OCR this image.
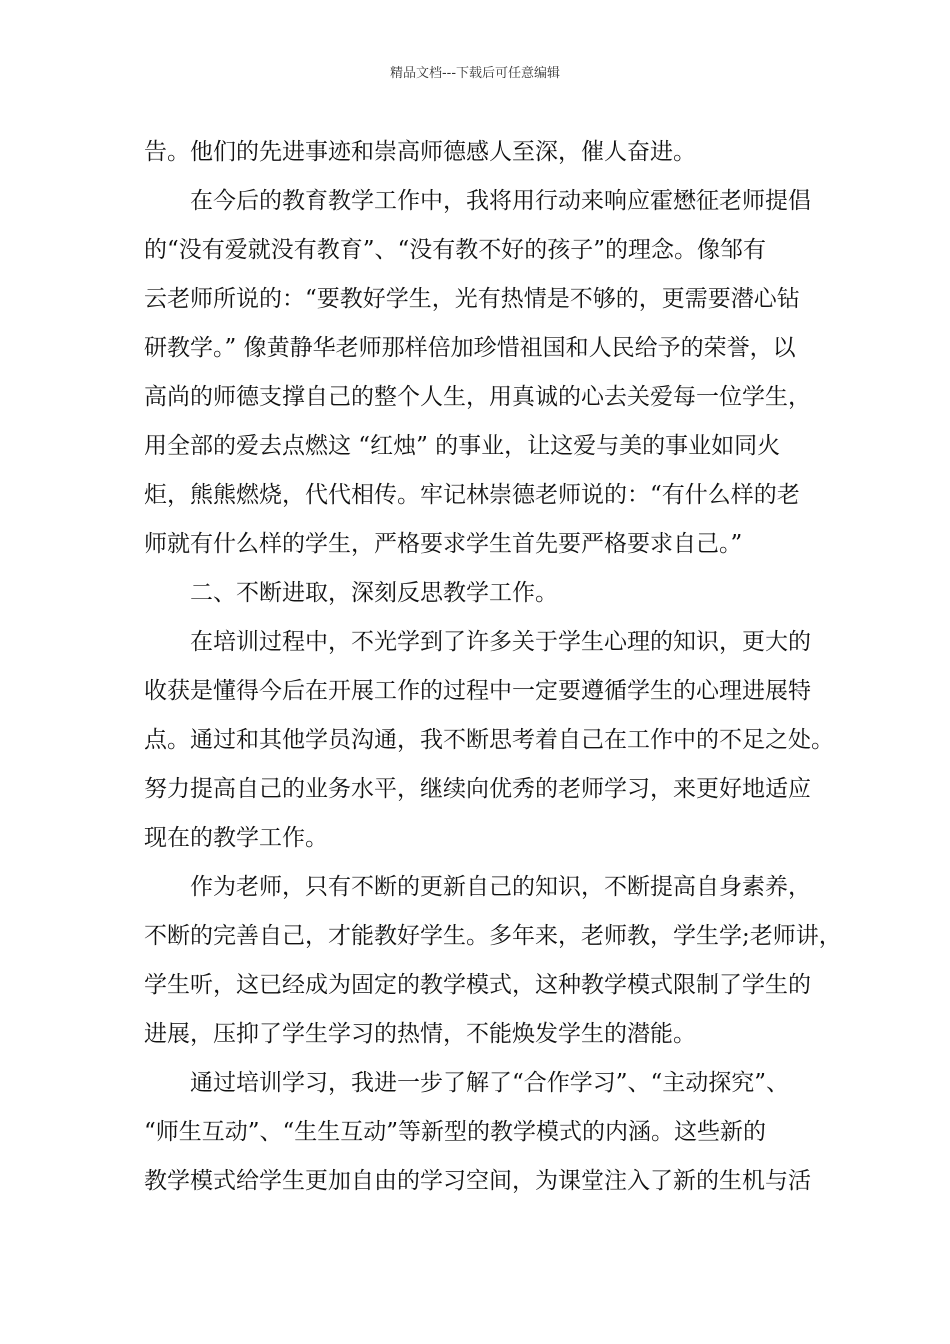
精品文档---下载后可任意编辑
告。他们的先进事迹和崇高师德感人至深，催人奋进。
在今后的教育教学工作中，我将用行动来响应霍懋征老师提倡
的“没有爱就没有教育”、“没有教不好的孩子”的理念。像邹有
云老师所说的：“要教好学生，光有热情是不够的，更需要潜心钻
研教学。” 像黄静华老师那样倍加珍惜祖国和人民给予的荣誉，以
高尚的师德支撑自己的整个人生，用真诚的心去关爱每一位学生，
用全部的爱去点燃这 “红烛” 的事业，让这爱与美的事业如同火
炬，熊熊燃烧，代代相传。牢记林崇德老师说的：“有什么样的老
师就有什么样的学生，严格要求学生首先要严格要求自己。”
二、不断进取，深刻反思教学工作。
在培训过程中，不光学到了许多关于学生心理的知识，更大的
收获是懂得今后在开展工作的过程中一定要遵循学生的心理进展特
点。通过和其他学员沟通，我不断思考着自己在工作中的不足之处。
努力提高自己的业务水平，继续向优秀的老师学习，来更好地适应
现在的教学工作。
作为老师，只有不断的更新自己的知识，不断提高自身素养，
不断的完善自己，才能教好学生。多年来，老师教，学生学;老师讲，
学生听，这已经成为固定的教学模式，这种教学模式限制了学生的
进展，压抑了学生学习的热情，不能焕发学生的潜能。
通过培训学习，我进一步了解了“合作学习”、“主动探究”、
“师生互动”、“生生互动”等新型的教学模式的内涵。这些新的
教学模式给学生更加自由的学习空间，为课堂注入了新的生机与活
